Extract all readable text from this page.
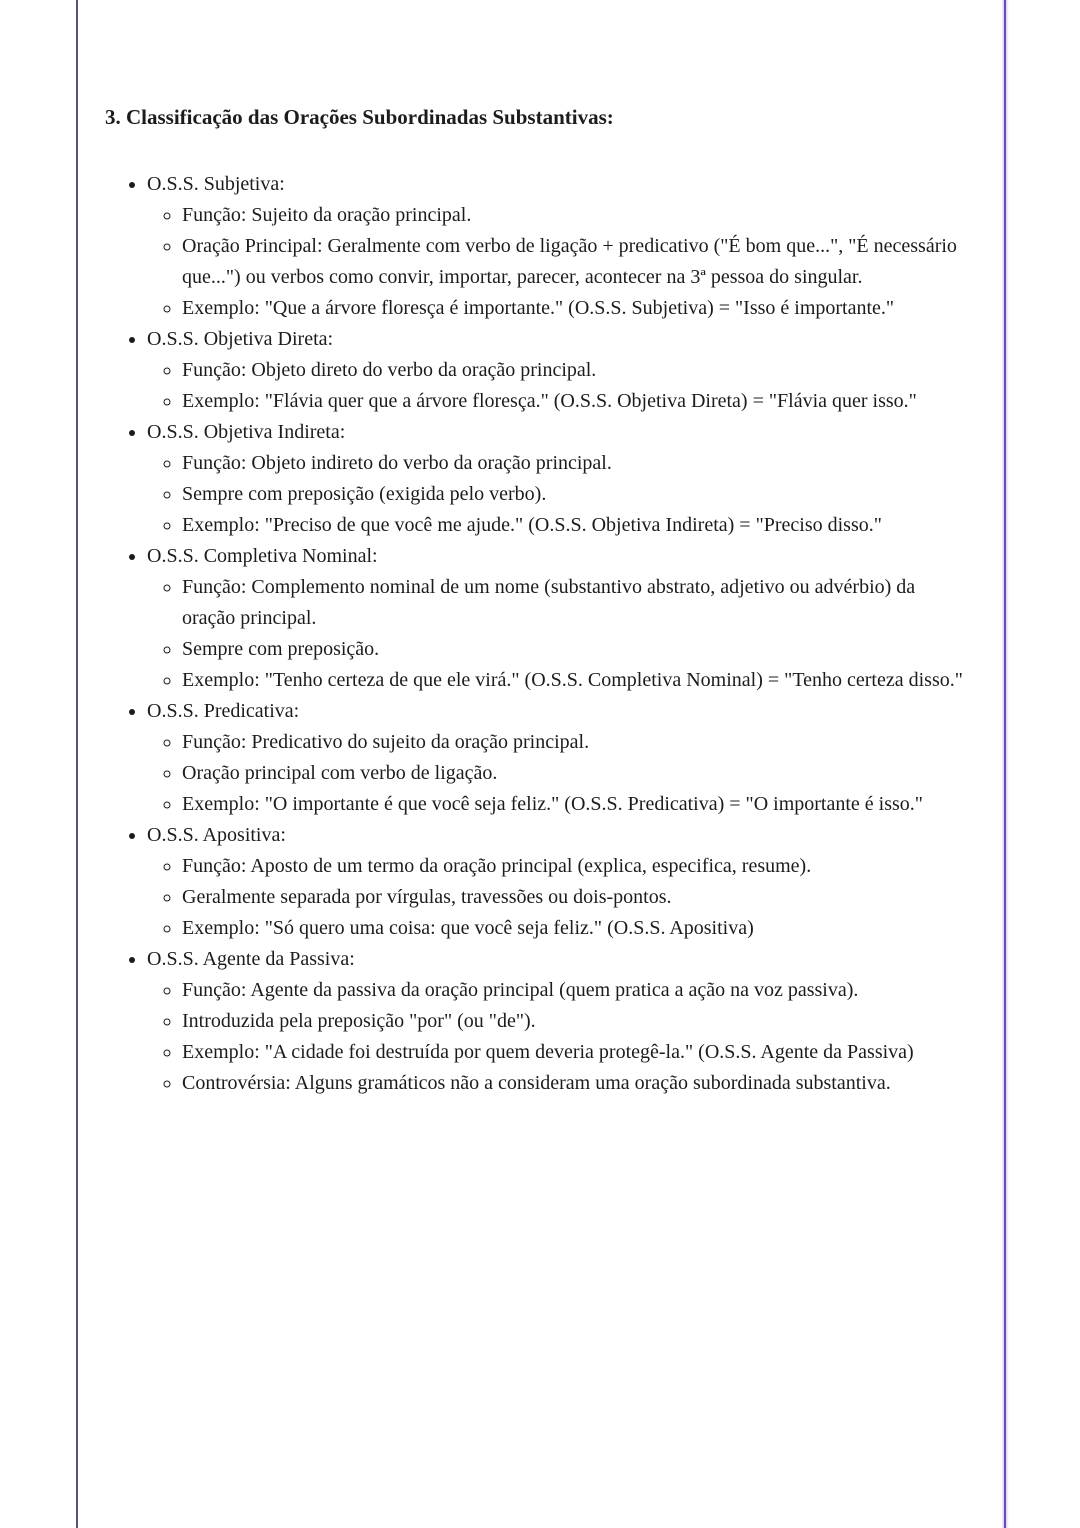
3. Classificação das Orações Subordinadas Substantivas:
• O.S.S. Subjetiva:
◦ Função: Sujeito da oração principal.
◦ Oração Principal: Geralmente com verbo de ligação + predicativo ("É bom que...", "É necessário que...") ou verbos como convir, importar, parecer, acontecer na 3ª pessoa do singular.
◦ Exemplo: "Que a árvore floresça é importante." (O.S.S. Subjetiva) = "Isso é importante."
• O.S.S. Objetiva Direta:
◦ Função: Objeto direto do verbo da oração principal.
◦ Exemplo: "Flávia quer que a árvore floresça." (O.S.S. Objetiva Direta) = "Flávia quer isso."
• O.S.S. Objetiva Indireta:
◦ Função: Objeto indireto do verbo da oração principal.
◦ Sempre com preposição (exigida pelo verbo).
◦ Exemplo: "Preciso de que você me ajude." (O.S.S. Objetiva Indireta) = "Preciso disso."
• O.S.S. Completiva Nominal:
◦ Função: Complemento nominal de um nome (substantivo abstrato, adjetivo ou advérbio) da oração principal.
◦ Sempre com preposição.
◦ Exemplo: "Tenho certeza de que ele virá." (O.S.S. Completiva Nominal) = "Tenho certeza disso."
• O.S.S. Predicativa:
◦ Função: Predicativo do sujeito da oração principal.
◦ Oração principal com verbo de ligação.
◦ Exemplo: "O importante é que você seja feliz." (O.S.S. Predicativa) = "O importante é isso."
• O.S.S. Apositiva:
◦ Função: Aposto de um termo da oração principal (explica, especifica, resume).
◦ Geralmente separada por vírgulas, travessões ou dois-pontos.
◦ Exemplo: "Só quero uma coisa: que você seja feliz." (O.S.S. Apositiva)
• O.S.S. Agente da Passiva:
◦ Função: Agente da passiva da oração principal (quem pratica a ação na voz passiva).
◦ Introduzida pela preposição "por" (ou "de").
◦ Exemplo: "A cidade foi destruída por quem deveria protegê-la." (O.S.S. Agente da Passiva)
◦ Controvérsia: Alguns gramáticos não a consideram uma oração subordinada substantiva.
